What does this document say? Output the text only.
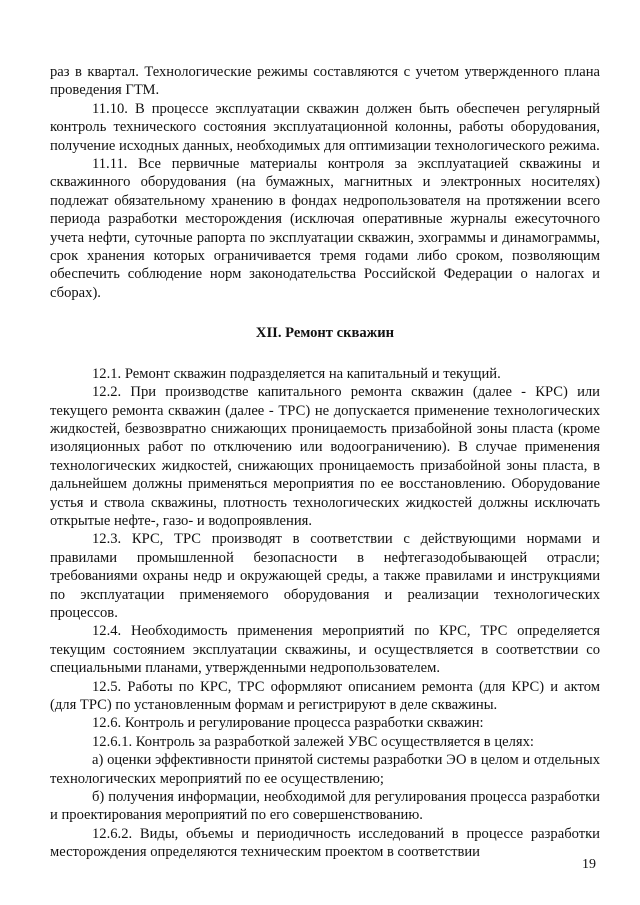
раз в квартал. Технологические режимы составляются с учетом утвержденного плана проведения ГТМ.

11.10. В процессе эксплуатации скважин должен быть обеспечен регулярный контроль технического состояния эксплуатационной колонны, работы оборудования, получение исходных данных, необходимых для оптимизации технологического режима.

11.11. Все первичные материалы контроля за эксплуатацией скважины и скважинного оборудования (на бумажных, магнитных и электронных носителях) подлежат обязательному хранению в фондах недропользователя на протяжении всего периода разработки месторождения (исключая оперативные журналы ежесуточного учета нефти, суточные рапорта по эксплуатации скважин, эхограммы и динамограммы, срок хранения которых ограничивается тремя годами либо сроком, позволяющим обеспечить соблюдение норм законодательства Российской Федерации о налогах и сборах).

XII. Ремонт скважин

12.1. Ремонт скважин подразделяется на капитальный и текущий.

12.2. При производстве капитального ремонта скважин (далее - КРС) или текущего ремонта скважин (далее - ТРС) не допускается применение технологических жидкостей, безвозвратно снижающих проницаемость призабойной зоны пласта (кроме изоляционных работ по отключению или водоограничению). В случае применения технологических жидкостей, снижающих проницаемость призабойной зоны пласта, в дальнейшем должны применяться мероприятия по ее восстановлению. Оборудование устья и ствола скважины, плотность технологических жидкостей должны исключать открытые нефте-, газо- и водопроявления.

12.3. КРС, ТРС производят в соответствии с действующими нормами и правилами промышленной безопасности в нефтегазодобывающей отрасли; требованиями охраны недр и окружающей среды, а также правилами и инструкциями по эксплуатации применяемого оборудования и реализации технологических процессов.

12.4. Необходимость применения мероприятий по КРС, ТРС определяется текущим состоянием эксплуатации скважины, и осуществляется в соответствии со специальными планами, утвержденными недропользователем.

12.5. Работы по КРС, ТРС оформляют описанием ремонта (для КРС) и актом (для ТРС) по установленным формам и регистрируют в деле скважины.

12.6. Контроль и регулирование процесса разработки скважин:

12.6.1. Контроль за разработкой залежей УВС осуществляется в целях:

а) оценки эффективности принятой системы разработки ЭО в целом и отдельных технологических мероприятий по ее осуществлению;

б) получения информации, необходимой для регулирования процесса разработки и проектирования мероприятий по его совершенствованию.

12.6.2. Виды, объемы и периодичность исследований в процессе разработки месторождения определяются техническим проектом в соответствии

19
